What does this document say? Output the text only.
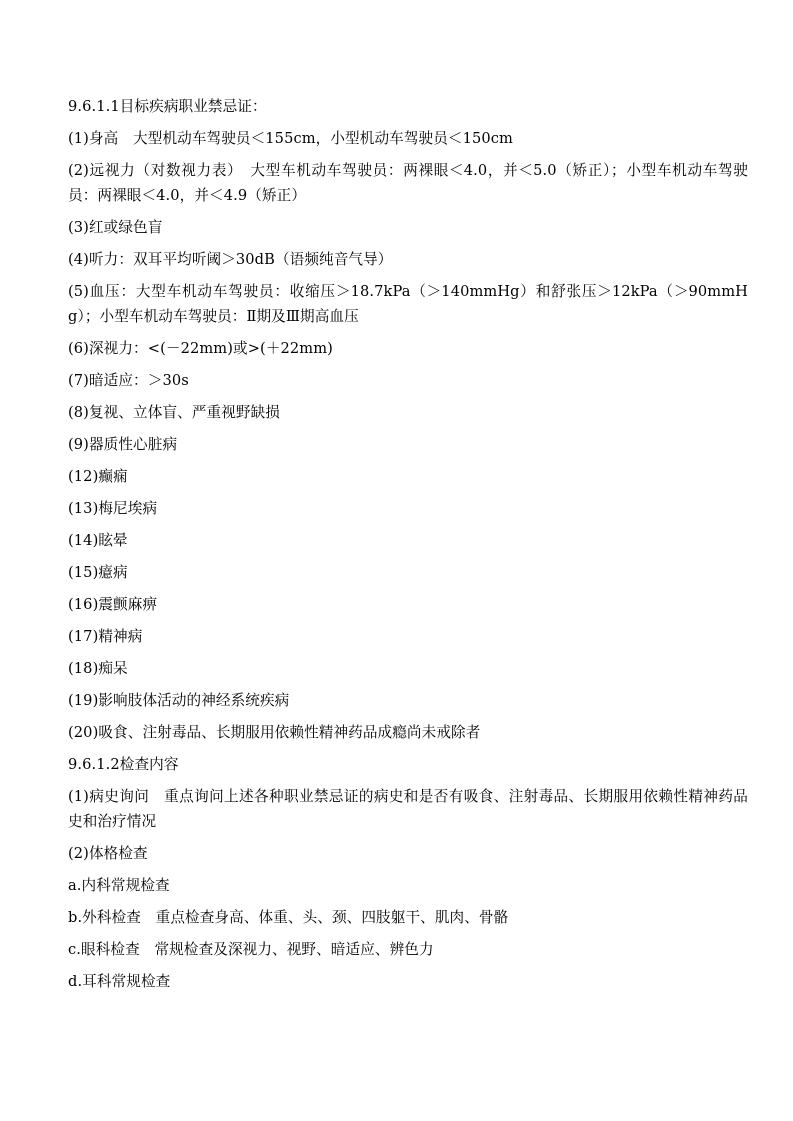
9.6.1.1目标疾病职业禁忌证：

(1)身高　大型机动车驾驶员＜155cm，小型机动车驾驶员＜150cm

(2)远视力（对数视力表）　大型车机动车驾驶员：两裸眼＜4.0，并＜5.0（矫正）；小型车机动车驾驶员：两裸眼＜4.0，并＜4.9（矫正）

(3)红或绿色盲

(4)听力：双耳平均听阈＞30dB（语频纯音气导）

(5)血压：大型车机动车驾驶员：收缩压＞18.7kPa（＞140mmHg）和舒张压＞12kPa（＞90mmHg）；小型车机动车驾驶员：Ⅱ期及Ⅲ期高血压

(6)深视力：<(－22mm)或>(＋22mm)

(7)暗适应：＞30s

(8)复视、立体盲、严重视野缺损

(9)器质性心脏病

(12)癫痫

(13)梅尼埃病

(14)眩晕

(15)癔病

(16)震颤麻痹

(17)精神病

(18)痴呆

(19)影响肢体活动的神经系统疾病

(20)吸食、注射毒品、长期服用依赖性精神药品成瘾尚未戒除者

9.6.1.2检查内容

(1)病史询问　重点询问上述各种职业禁忌证的病史和是否有吸食、注射毒品、长期服用依赖性精神药品史和治疗情况

(2)体格检查

a.内科常规检查

b.外科检查　重点检查身高、体重、头、颈、四肢躯干、肌肉、骨骼

c.眼科检查　常规检查及深视力、视野、暗适应、辨色力

d.耳科常规检查
